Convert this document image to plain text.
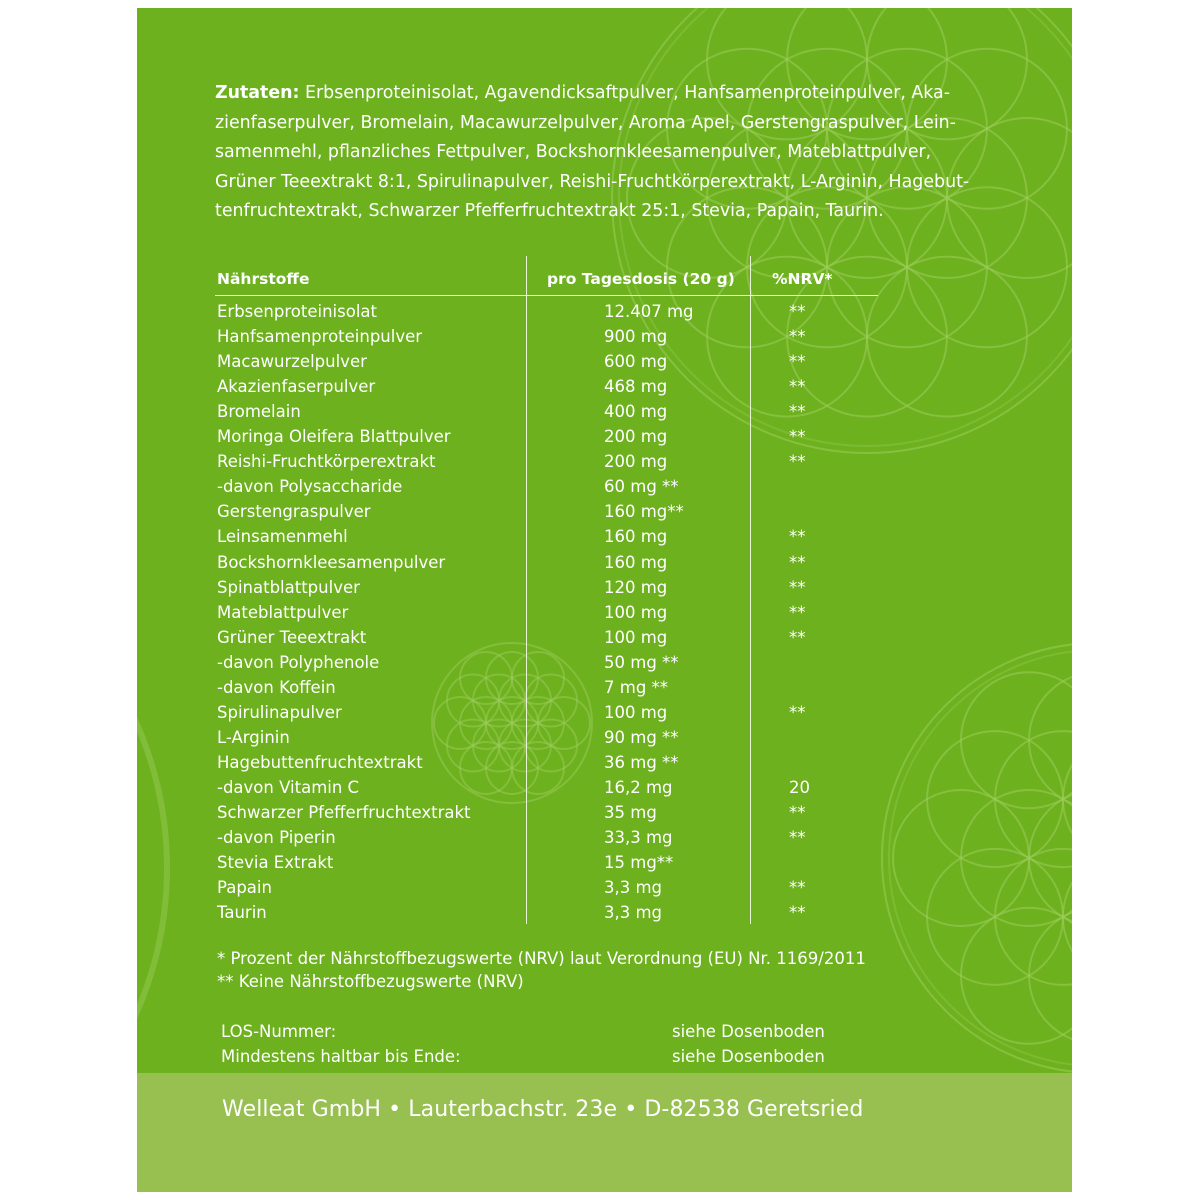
Zutaten: Erbsenproteinisolat, Agavendicksaftpulver, Hanfsamenproteinpulver, Aka-
zienfaserpulver, Bromelain, Macawurzelpulver, Aroma Apel, Gerstengraspulver, Lein-
samenmehl, pflanzliches Fettpulver, Bockshornkleesamenpulver, Mateblattpulver,
Grüner Teeextrakt 8:1, Spirulinapulver, Reishi-Fruchtkörperextrakt, L-Arginin, Hagebut-
tenfruchtextrakt, Schwarzer Pfefferfruchtextrakt 25:1, Stevia, Papain, Taurin.
Nährstoffe	pro Tagesdosis (20 g) %NRV*
Erbsenproteinisolat	12.407 mg	**
Hanfsamenproteinpulver	900 mg	**
Macawurzelpulver	600 mg	**
Akazienfaserpulver	468 mg	**
Bromelain	400 mg	**
Moringa Oleifera Blattpulver	200 mg	**
Reishi-Fruchtkörperextrakt	200 mg	**
-davon Polysaccharide	60 mg **
Gerstengraspulver	160 mg**
Leinsamenmehl	160 mg	**
Bockshornkleesamenpulver	160 mg	**
Spinatblattpulver	120 mg	**
Mateblattpulver	100 mg	**
Grüner Teeextrakt	100 mg	**
-davon Polyphenole	50 mg **
-davon Koffein	7 mg **
Spirulinapulver	100 mg	**
L-Arginin	90 mg **
Hagebuttenfruchtextrakt	36 mg **
-davon Vitamin C	16,2 mg	20
Schwarzer Pfefferfruchtextrakt	35 mg	**
-davon Piperin	33,3 mg	**
Stevia Extrakt	15 mg**
Papain	3,3 mg	**
Taurin	3,3 mg	**
* Prozent der Nährstoffbezugswerte (NRV) laut Verordnung (EU) Nr. 1169/2011
** Keine Nährstoffbezugswerte (NRV)
LOS-Nummer:	siehe Dosenboden
Mindestens haltbar bis Ende:	siehe Dosenboden
Welleat GmbH • Lauterbachstr. 23e • D-82538 Geretsried
